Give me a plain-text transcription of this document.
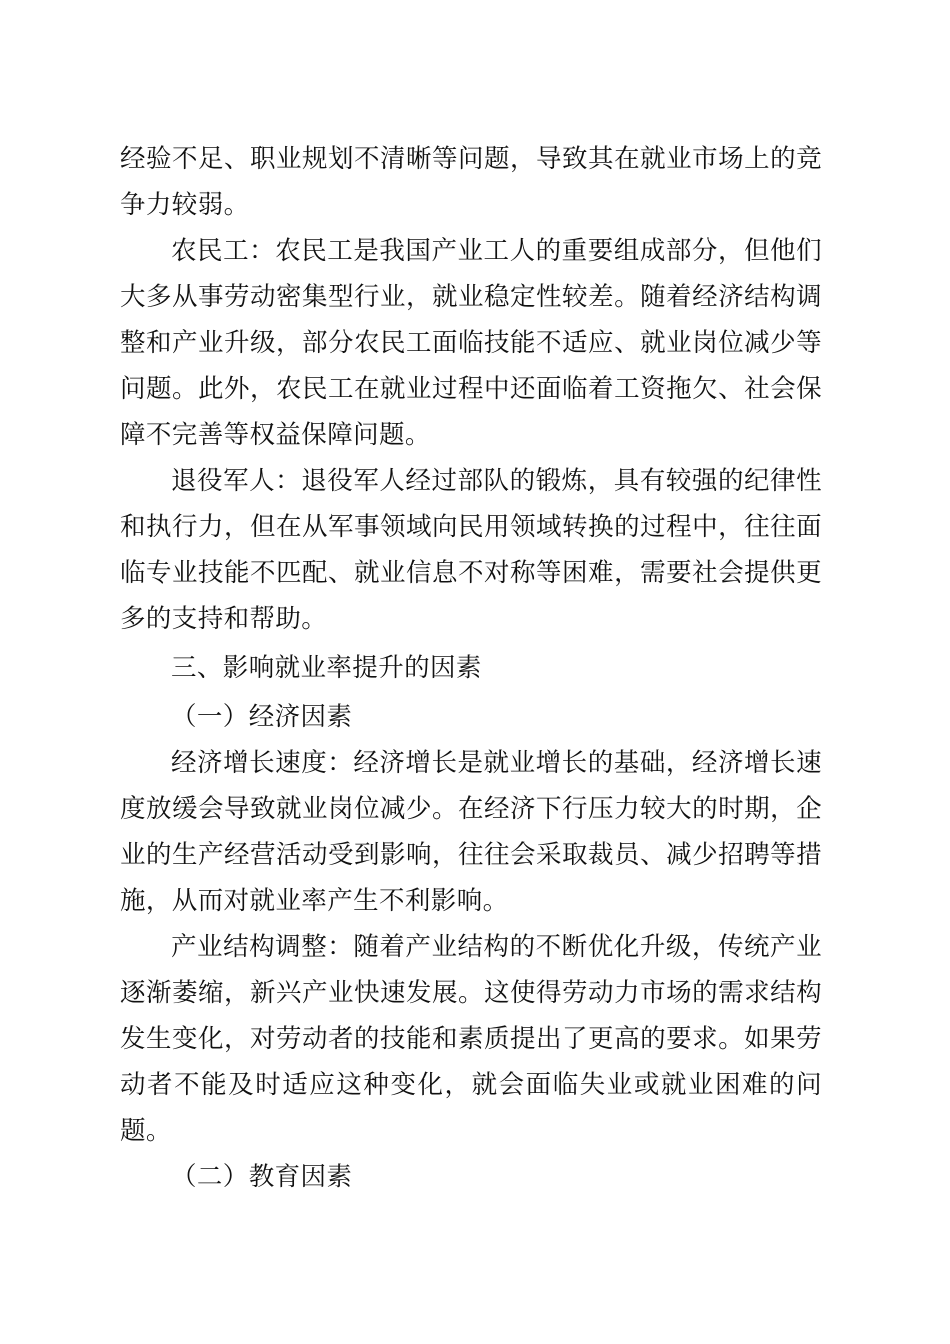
经验不足、职业规划不清晰等问题，导致其在就业市场上的竞争力较弱。

农民工：农民工是我国产业工人的重要组成部分，但他们大多从事劳动密集型行业，就业稳定性较差。随着经济结构调整和产业升级，部分农民工面临技能不适应、就业岗位减少等问题。此外，农民工在就业过程中还面临着工资拖欠、社会保障不完善等权益保障问题。

退役军人：退役军人经过部队的锻炼，具有较强的纪律性和执行力，但在从军事领域向民用领域转换的过程中，往往面临专业技能不匹配、就业信息不对称等困难，需要社会提供更多的支持和帮助。

三、影响就业率提升的因素
（一）经济因素

经济增长速度：经济增长是就业增长的基础，经济增长速度放缓会导致就业岗位减少。在经济下行压力较大的时期，企业的生产经营活动受到影响，往往会采取裁员、减少招聘等措施，从而对就业率产生不利影响。

产业结构调整：随着产业结构的不断优化升级，传统产业逐渐萎缩，新兴产业快速发展。这使得劳动力市场的需求结构发生变化，对劳动者的技能和素质提出了更高的要求。如果劳动者不能及时适应这种变化，就会面临失业或就业困难的问题。

（二）教育因素
